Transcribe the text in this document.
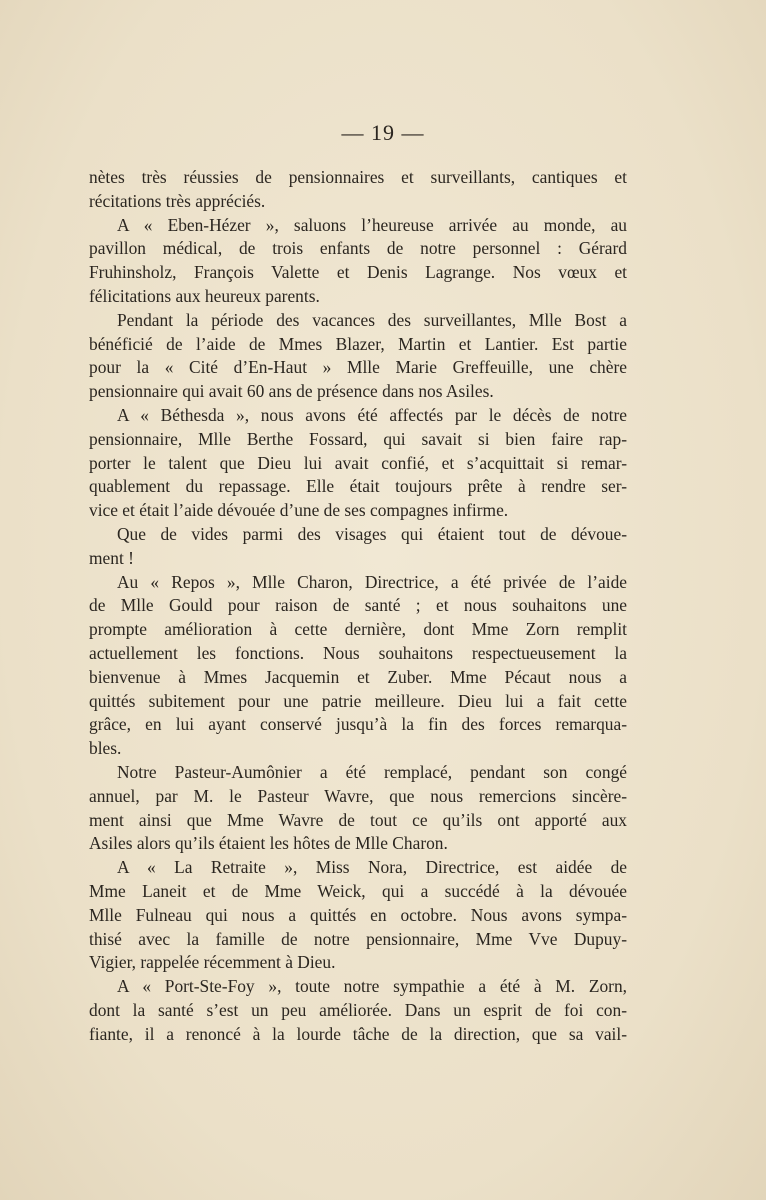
— 19 —
nètes très réussies de pensionnaires et surveillants, cantiques et
récitations très appréciés.
A « Eben-Hézer », saluons l’heureuse arrivée au monde, au
pavillon médical, de trois enfants de notre personnel : Gérard
Fruhinsholz, François Valette et Denis Lagrange. Nos vœux et
félicitations aux heureux parents.
Pendant la période des vacances des surveillantes, Mlle Bost a
bénéficié de l’aide de Mmes Blazer, Martin et Lantier. Est partie
pour la « Cité d’En-Haut » Mlle Marie Greffeuille, une chère
pensionnaire qui avait 60 ans de présence dans nos Asiles.
A « Béthesda », nous avons été affectés par le décès de notre
pensionnaire, Mlle Berthe Fossard, qui savait si bien faire rap-
porter le talent que Dieu lui avait confié, et s’acquittait si remar-
quablement du repassage. Elle était toujours prête à rendre ser-
vice et était l’aide dévouée d’une de ses compagnes infirme.
Que de vides parmi des visages qui étaient tout de dévoue-
ment !
Au « Repos », Mlle Charon, Directrice, a été privée de l’aide
de Mlle Gould pour raison de santé ; et nous souhaitons une
prompte amélioration à cette dernière, dont Mme Zorn remplit
actuellement les fonctions. Nous souhaitons respectueusement la
bienvenue à Mmes Jacquemin et Zuber. Mme Pécaut nous a
quittés subitement pour une patrie meilleure. Dieu lui a fait cette
grâce, en lui ayant conservé jusqu’à la fin des forces remarqua-
bles.
Notre Pasteur-Aumônier a été remplacé, pendant son congé
annuel, par M. le Pasteur Wavre, que nous remercions sincère-
ment ainsi que Mme Wavre de tout ce qu’ils ont apporté aux
Asiles alors qu’ils étaient les hôtes de Mlle Charon.
A « La Retraite », Miss Nora, Directrice, est aidée de
Mme Laneit et de Mme Weick, qui a succédé à la dévouée
Mlle Fulneau qui nous a quittés en octobre. Nous avons sympa-
thisé avec la famille de notre pensionnaire, Mme Vve Dupuy-
Vigier, rappelée récemment à Dieu.
A « Port-Ste-Foy », toute notre sympathie a été à M. Zorn,
dont la santé s’est un peu améliorée. Dans un esprit de foi con-
fiante, il a renoncé à la lourde tâche de la direction, que sa vail-
